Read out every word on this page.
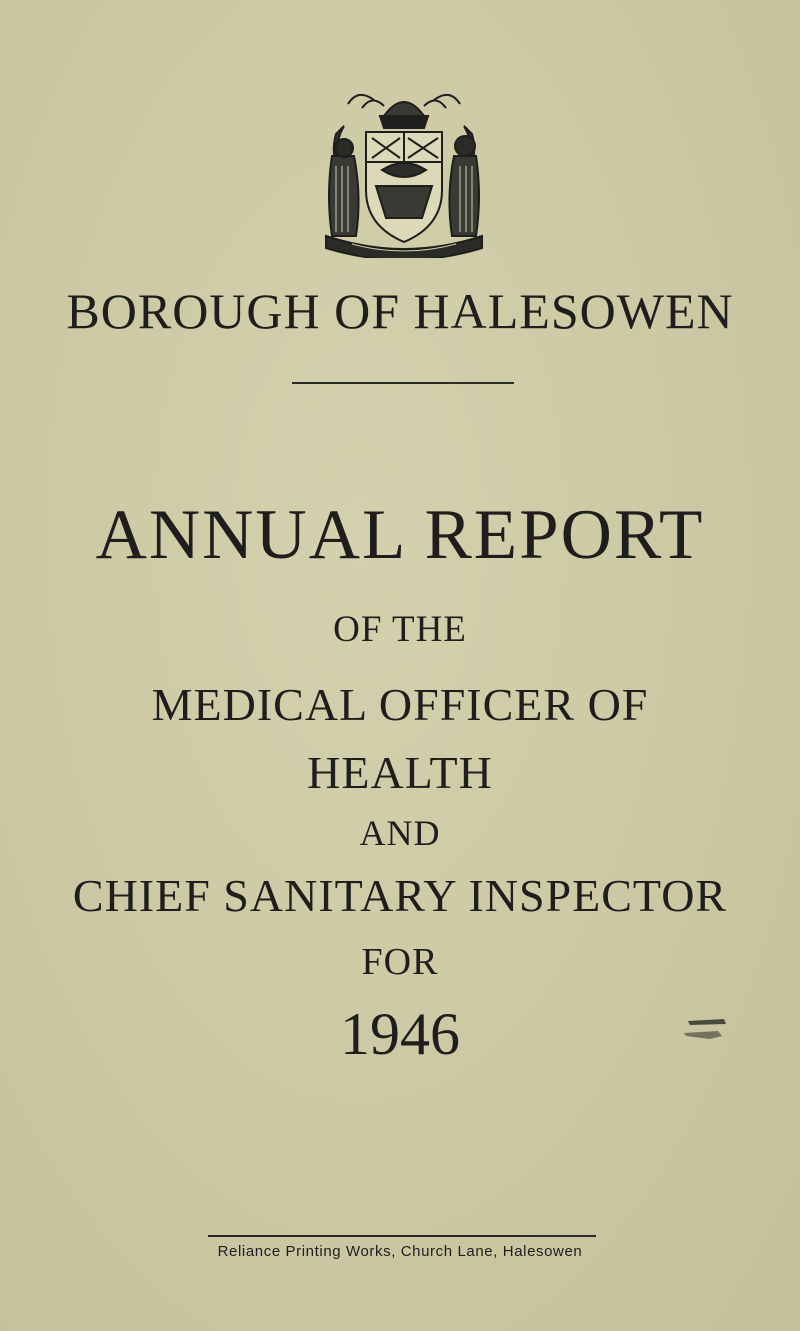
BOROUGH OF HALESOWEN
ANNUAL REPORT

OF THE

MEDICAL OFFICER OF

HEALTH

AND

CHIEF SANITARY INSPECTOR

FOR

1946

Reliance Printing Works, Church Lane, Halesowen
